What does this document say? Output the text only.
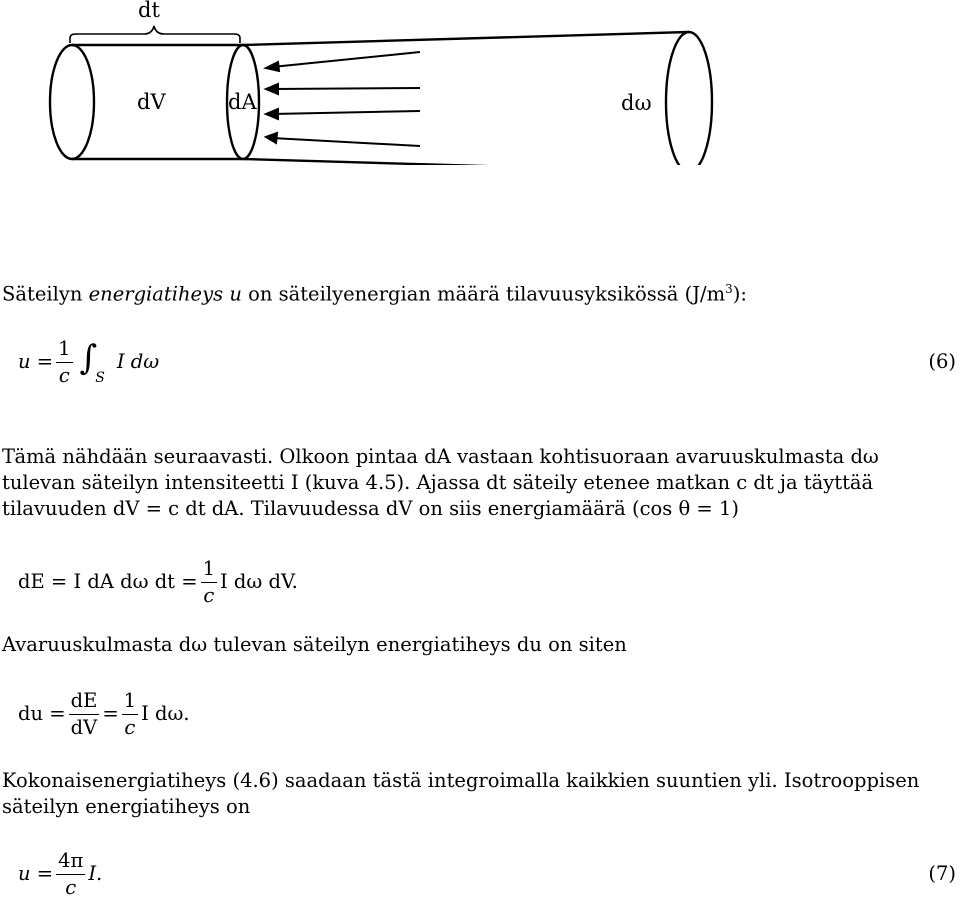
dt
dV	dA	dω

Säteilyn energiatiheys u on säteilyenergian määrä tilavuusyksikössä $(J/m^3)$:

$u = \frac{1}{c}$ ∫
S
I dω	(6)

Tämä nähdään seuraavasti. Olkoon pintaa dA vastaan kohtisuoraan avaruuskulmasta dω tulevan säteilyn intensiteetti I (kuva 4.5). Ajassa dt säteily etenee matkan c dt ja täyttää tilavuuden dV = c dt dA. Tilavuudessa dV on siis energiamäärä (cos θ = 1)

dE = I dA dω dt = $\frac{1}{c}$ I dω dV.

Avaruuskulmasta dω tulevan säteilyn energiatiheys du on siten

du = $\frac{dE}{dV} = \frac{1}{c}$ I dω.

Kokonaisenergiatiheys (4.6) saadaan tästä integroimalla kaikkien suuntien yli. Isotrooppisen säteilyn energiatiheys on

$u = \frac{4\pi}{c} I$.	(7)
